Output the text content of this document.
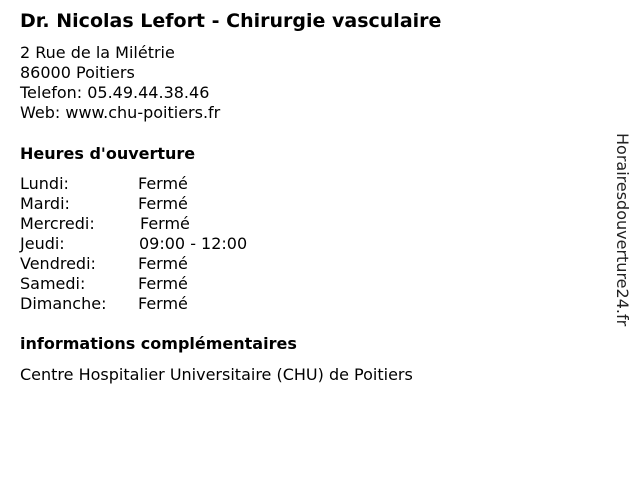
Dr. Nicolas Lefort - Chirurgie vasculaire
2 Rue de la Milétrie
86000 Poitiers
Telefon: 05.49.44.38.46
Web: www.chu-poitiers.fr
Heures d'ouverture
Lundi:	Fermé
Mardi:	Fermé
Mercredi:	Fermé
Jeudi:	09:00 - 12:00
Vendredi:	Fermé
Samedi:	Fermé
Dimanche: Fermé
informations complémentaires
Centre Hospitalier Universitaire (CHU) de Poitiers
Horairesdouverture24.fr
